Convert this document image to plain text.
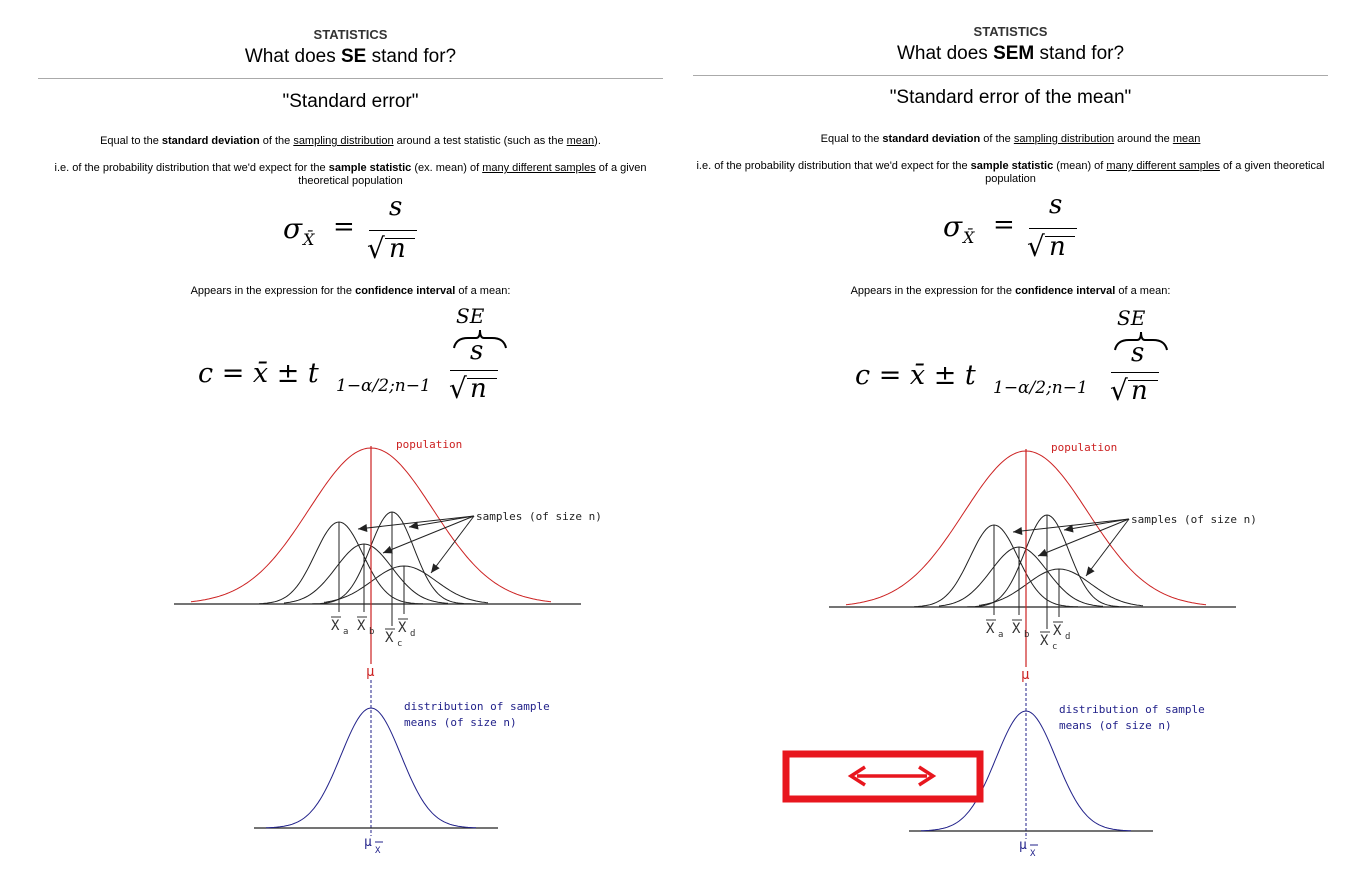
STATISTICS
What does SE stand for?
"Standard error"
Equal to the standard deviation of the sampling distribution around a test statistic (such as the mean).
i.e. of the probability distribution that we'd expect for the sample statistic (ex. mean) of many different samples of a given theoretical population
σ X̄ =
s
√ n
Appears in the expression for the confidence interval of a mean:
c = x̄ ± t 1−α/2;n−1
SE
s
√ n
population
samples (of size n)
X a X b X c
X d
μ
distribution of sample
means (of size n)
μ
X
STATISTICS
What does SEM stand for?
"Standard error of the mean"
Equal to the standard deviation of the sampling distribution around the mean
i.e. of the probability distribution that we'd expect for the sample statistic (mean) of many different samples of a given theoretical population
σ X̄ =
s
√ n
Appears in the expression for the confidence interval of a mean:
c = x̄ ± t 1−α/2;n−1
SE
s
√ n
population
samples (of size n)
X a X b X c
X d
μ
distribution of sample
means (of size n)
μ
X
